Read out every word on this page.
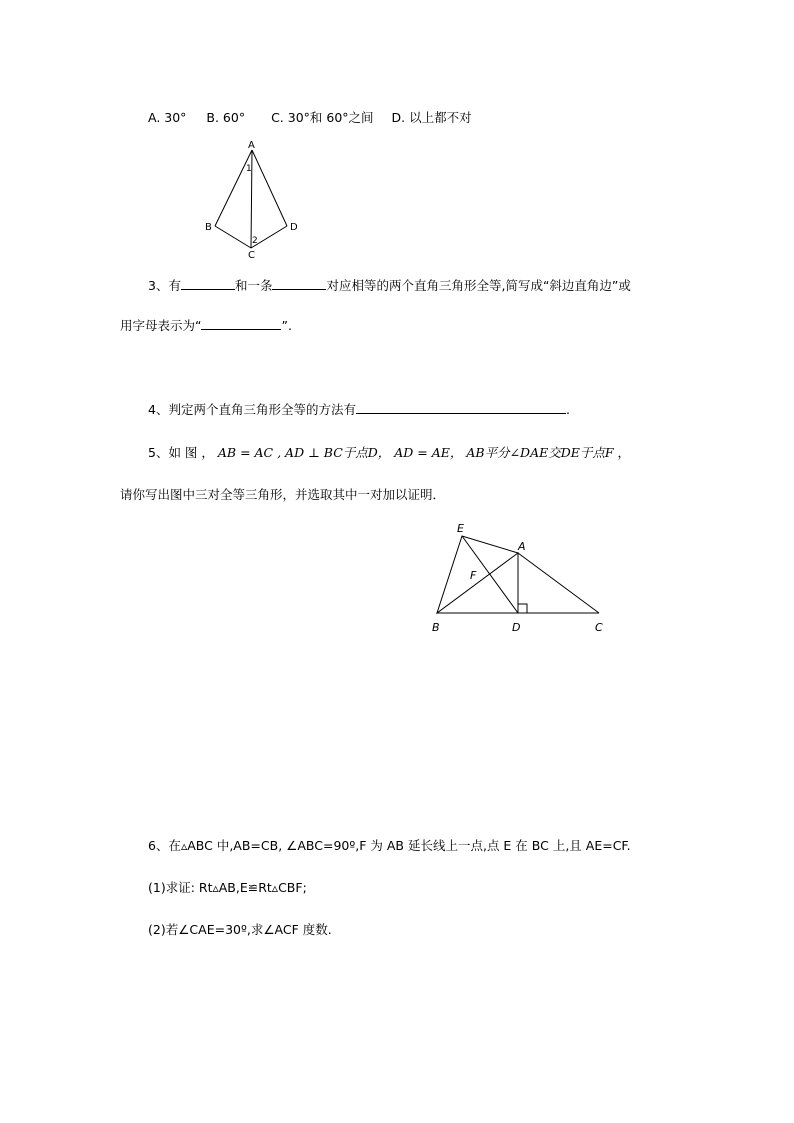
A. 30° B. 60° C. 30°和 60°之间 D. 以上都不对
A
B
C
D
1
2
3、有	和一条	对应相等的两个直角三角形全等,简写成“斜边直角边”或
用字母表示为“	”.
4、判定两个直角三角形全等的方法有	.
5、如 图 ， AB = AC , AD ⊥ BC于点D， AD = AE， AB平分∠DAE交DE于点F ，
请你写出图中三对全等三角形，并选取其中一对加以证明．
E
A
F
B	D	C
6、在▵ABC 中,AB=CB, ∠ABC=90º,F 为 AB 延长线上一点,点 E 在 BC 上,且 AE=CF.
(1)求证: Rt▵AB,E≌Rt▵CBF;
(2)若∠CAE=30º,求∠ACF 度数.
